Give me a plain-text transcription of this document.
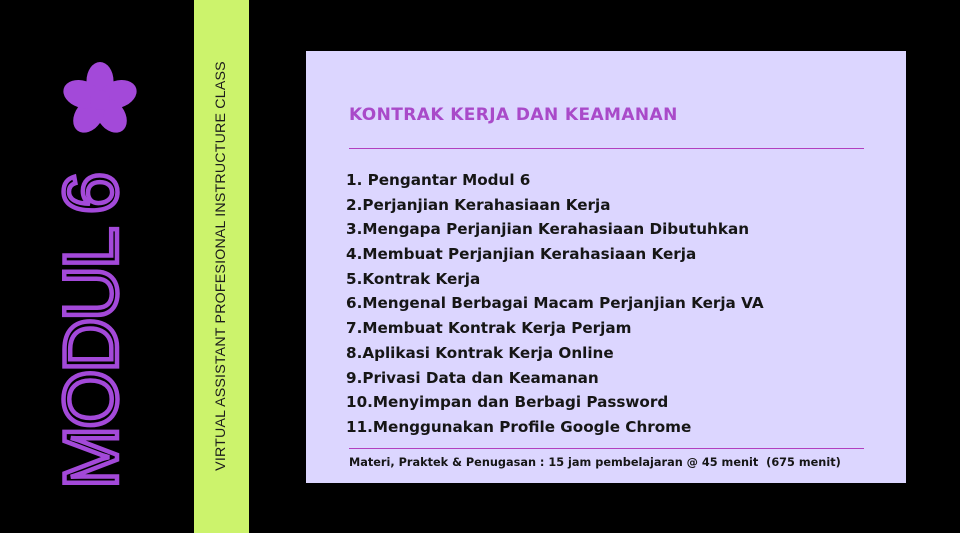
MODUL 6	VIRTUAL ASSISTANT PROFESIONAL INSTRUCTURE CLASS	KONTRAK KERJA DAN KEAMANAN
1. Pengantar Modul 6
2.Perjanjian Kerahasiaan Kerja
3.Mengapa Perjanjian Kerahasiaan Dibutuhkan
4.Membuat Perjanjian Kerahasiaan Kerja
5.Kontrak Kerja
6.Mengenal Berbagai Macam Perjanjian Kerja VA
7.Membuat Kontrak Kerja Perjam
8.Aplikasi Kontrak Kerja Online
9.Privasi Data dan Keamanan
10.Menyimpan dan Berbagi Password
11.Menggunakan Profile Google Chrome

Materi, Praktek & Penugasan : 15 jam pembelajaran @ 45 menit  (675 menit)
